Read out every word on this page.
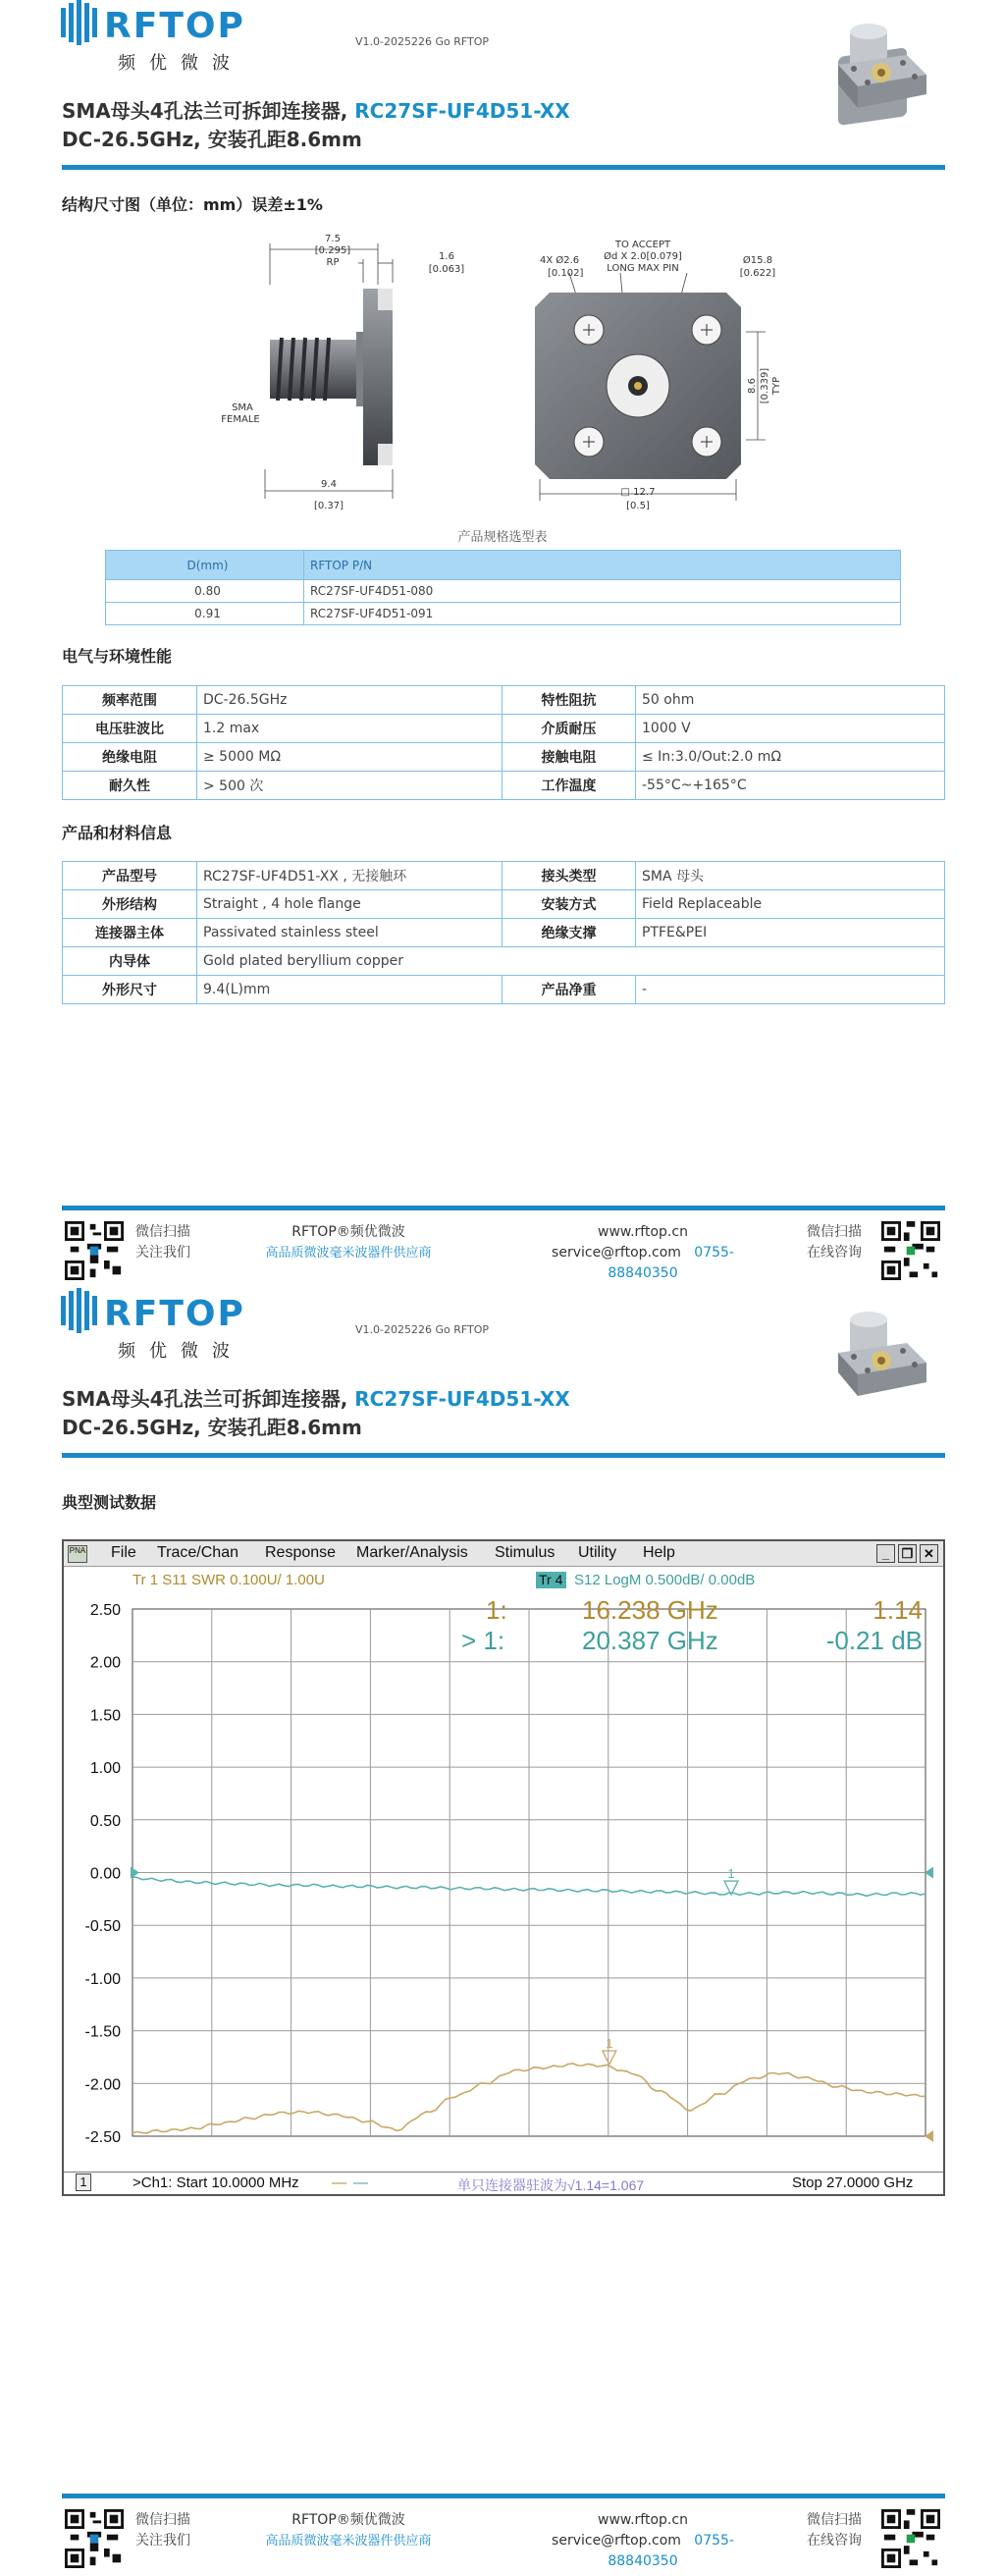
RFTOP
频优微波
V1.0-2025226 Go RFTOP
SMA母头4孔法兰可拆卸连接器, RC27SF-UF4D51-XX
DC-26.5GHz, 安装孔距8.6mm
结构尺寸图（单位：mm）误差±1%
7.5
[0.295]
RP
1.6
[0.063]
SMA
FEMALE
9.4
[0.37]
4X Ø2.6
[0.102]
TO ACCEPT
Ød X 2.0[0.079]
LONG MAX PIN
Ø15.8
[0.622]
8.6 [0.339] TYP
□ 12.7
[0.5]
产品规格选型表
D(mm)	RFTOP P/N
0.80	RC27SF-UF4D51-080
0.91	RC27SF-UF4D51-091
电气与环境性能
频率范围	DC-26.5GHz	特性阻抗	50 ohm
电压驻波比	1.2 max	介质耐压	1000 V
绝缘电阻	≥ 5000 MΩ	接触电阻	≤ In:3.0/Out:2.0 mΩ
耐久性	> 500 次	工作温度	-55°C~+165°C
产品和材料信息
产品型号	RC27SF-UF4D51-XX , 无接触环	接头类型	SMA 母头
外形结构	Straight , 4 hole flange	安装方式	Field Replaceable
连接器主体	Passivated stainless steel	绝缘支撑	PTFE&PEI
内导体	Gold plated beryllium copper		
外形尺寸	9.4(L)mm	产品净重	-
微信扫描
关注我们
RFTOP®频优微波
高品质微波毫米波器件供应商
www.rftop.cn
service@rftop.com 0755-88840350
微信扫描
在线咨询
RFTOP
频优微波
V1.0-2025226 Go RFTOP
SMA母头4孔法兰可拆卸连接器, RC27SF-UF4D51-XX
DC-26.5GHz, 安装孔距8.6mm
典型测试数据
PNA File Trace/Chan Response Marker/Analysis Stimulus Utility Help	_ ❐ ✕
2.50
2.00
1.50
1.00
0.50
0.00
-0.50
-1.00
-1.50
-2.00
-2.50
Tr 1 S11 SWR 0.100U/ 1.00U	Tr 4 S12 LogM 0.500dB/ 0.00dB
1:	16.238 GHz	1.14
> 1:	20.387 GHz	-0.21 dB
1
1
1	>Ch1: Start 10.0000 MHz — —	单只连接器驻波为√1.14=1.067	Stop 27.0000 GHz
微信扫描
关注我们
RFTOP®频优微波
高品质微波毫米波器件供应商
www.rftop.cn
service@rftop.com 0755-88840350
微信扫描
在线咨询
